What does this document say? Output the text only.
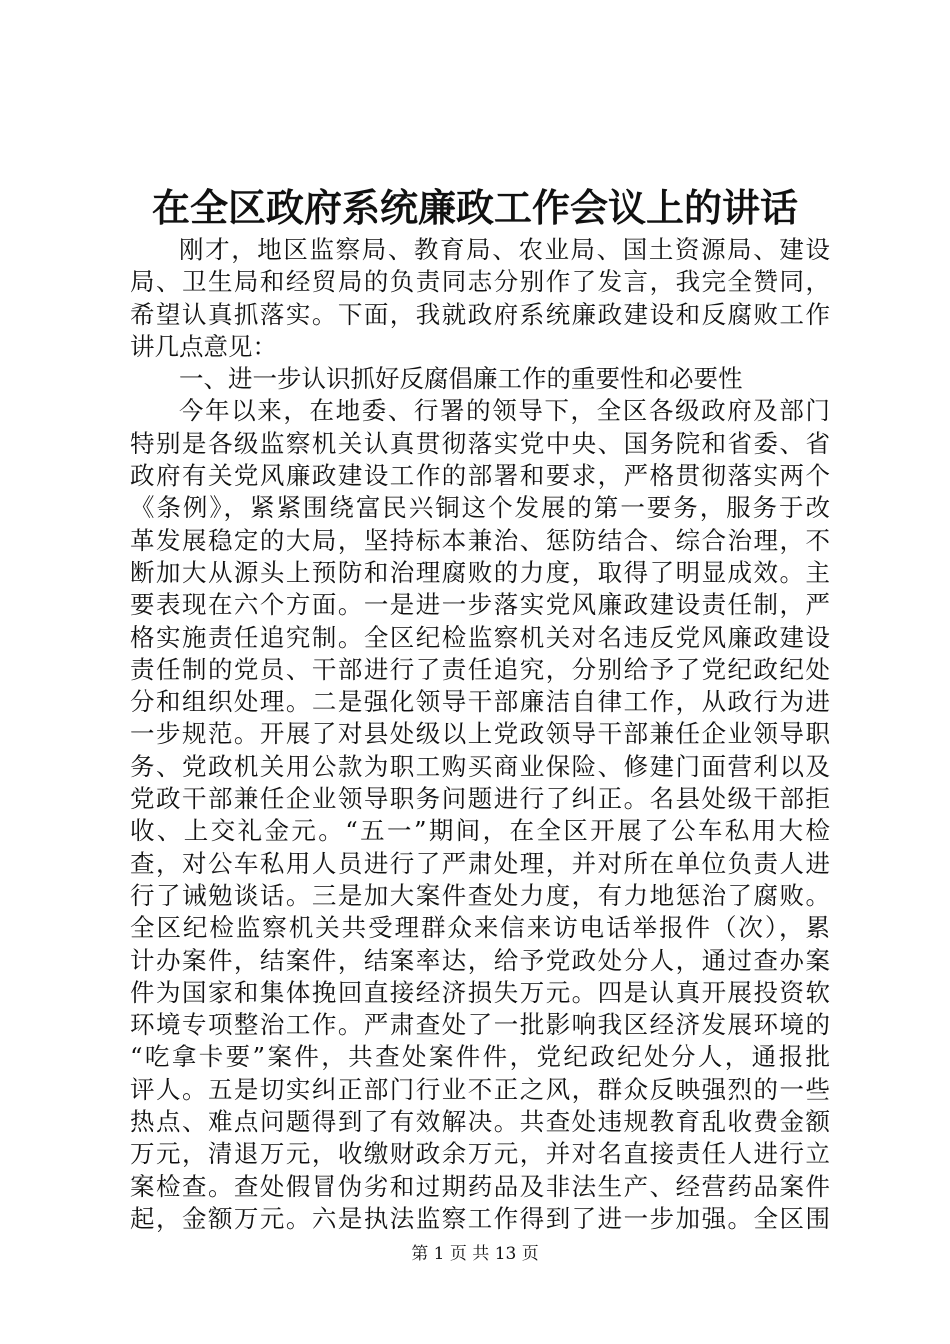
在全区政府系统廉政工作会议上的讲话
刚才，地区监察局、教育局、农业局、国土资源局、建设
局、卫生局和经贸局的负责同志分别作了发言，我完全赞同，
希望认真抓落实。下面，我就政府系统廉政建设和反腐败工作
讲几点意见：
一、进一步认识抓好反腐倡廉工作的重要性和必要性
今年以来，在地委、行署的领导下，全区各级政府及部门
特别是各级监察机关认真贯彻落实党中央、国务院和省委、省
政府有关党风廉政建设工作的部署和要求，严格贯彻落实两个
《条例》，紧紧围绕富民兴铜这个发展的第一要务，服务于改
革发展稳定的大局，坚持标本兼治、惩防结合、综合治理，不
断加大从源头上预防和治理腐败的力度，取得了明显成效。主
要表现在六个方面。一是进一步落实党风廉政建设责任制，严
格实施责任追究制。全区纪检监察机关对名违反党风廉政建设
责任制的党员、干部进行了责任追究，分别给予了党纪政纪处
分和组织处理。二是强化领导干部廉洁自律工作，从政行为进
一步规范。开展了对县处级以上党政领导干部兼任企业领导职
务、党政机关用公款为职工购买商业保险、修建门面营利以及
党政干部兼任企业领导职务问题进行了纠正。名县处级干部拒
收、上交礼金元。“五一”期间，在全区开展了公车私用大检
查，对公车私用人员进行了严肃处理，并对所在单位负责人进
行了诫勉谈话。三是加大案件查处力度，有力地惩治了腐败。
全区纪检监察机关共受理群众来信来访电话举报件（次），累
计办案件，结案件，结案率达，给予党政处分人，通过查办案
件为国家和集体挽回直接经济损失万元。四是认真开展投资软
环境专项整治工作。严肃查处了一批影响我区经济发展环境的
“吃拿卡要”案件，共查处案件件，党纪政纪处分人，通报批
评人。五是切实纠正部门行业不正之风，群众反映强烈的一些
热点、难点问题得到了有效解决。共查处违规教育乱收费金额
万元，清退万元，收缴财政余万元，并对名直接责任人进行立
案检查。查处假冒伪劣和过期药品及非法生产、经营药品案件
起，金额万元。六是执法监察工作得到了进一步加强。全区围
第 1 页 共 13 页
